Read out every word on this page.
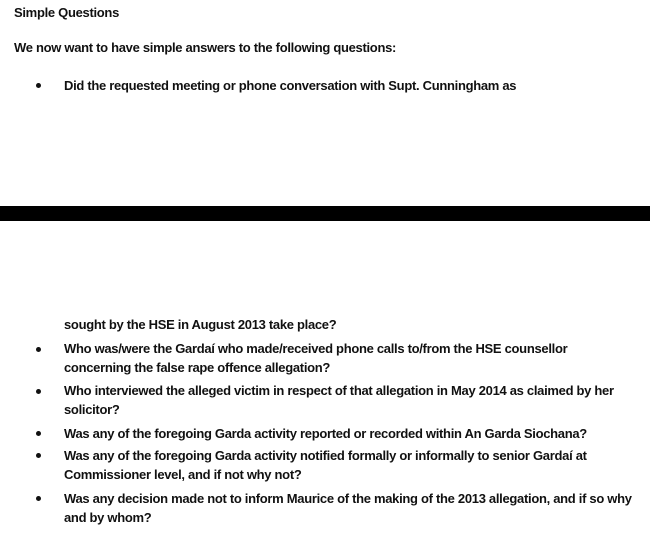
Simple Questions
We now want to have simple answers to the following questions:
Did the requested meeting or phone conversation with Supt. Cunningham as
sought by the HSE in August 2013 take place?
Who was/were the Gardaí who made/received phone calls to/from the HSE counsellor concerning the false rape offence allegation?
Who interviewed the alleged victim in respect of that allegation in May 2014 as claimed by her solicitor?
Was any of the foregoing Garda activity reported or recorded within An Garda Siochana?
Was any of the foregoing Garda activity notified formally or informally to senior Gardaí at Commissioner level, and if not why not?
Was any decision made not to inform Maurice of the making of the 2013 allegation, and if so why and by whom?
